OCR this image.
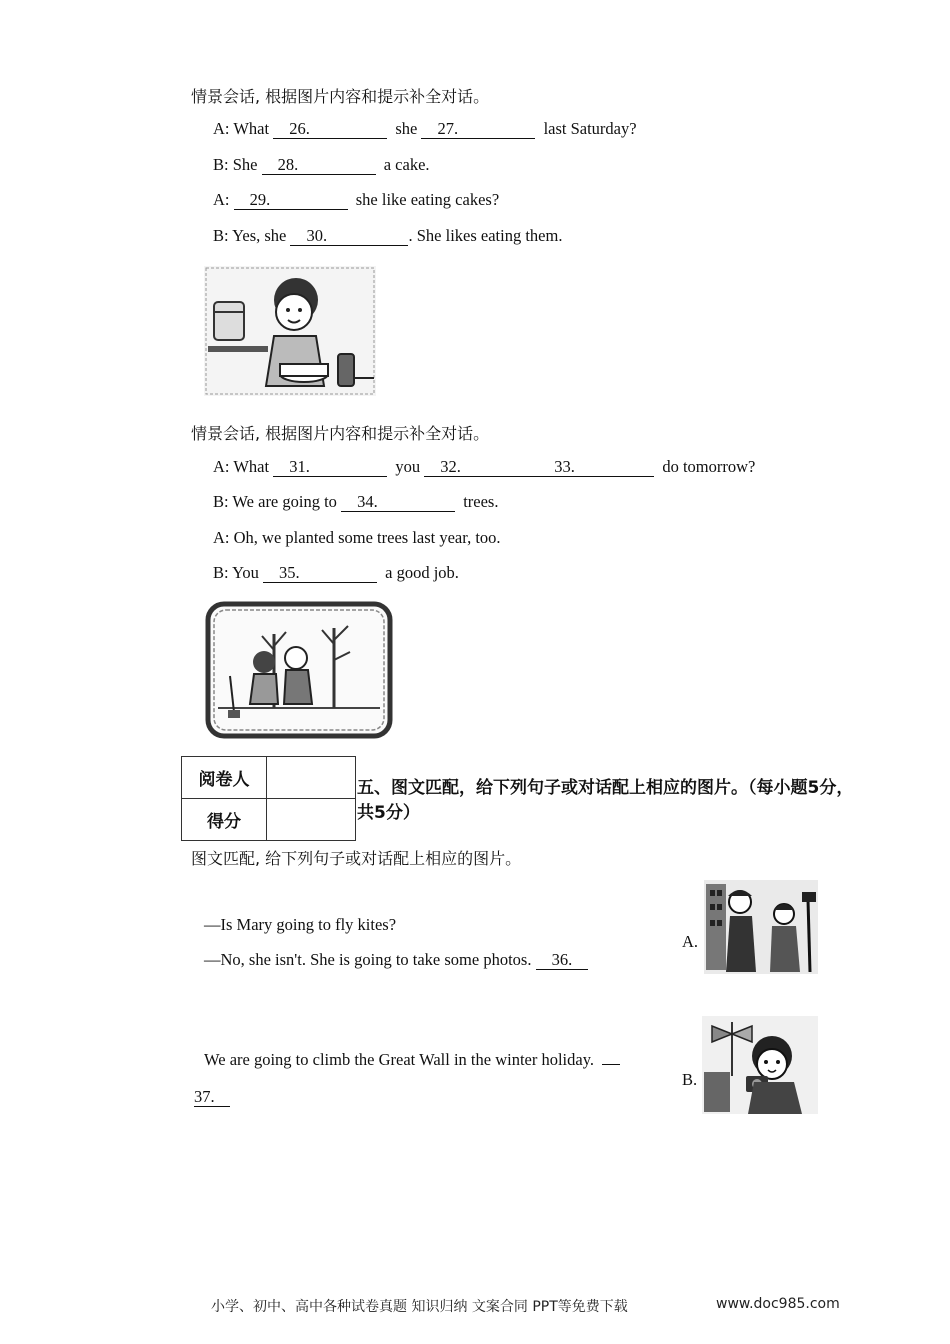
情景会话, 根据图片内容和提示补全对话。
A: What 26.	she 27.	last Saturday?
B: She 28.	a cake.
A: 29.	she like eating cakes?
B: Yes, she 30.	. She likes eating them.
情景会话, 根据图片内容和提示补全对话。
A: What 31.	you 32.	33.	do tomorrow?
B: We are going to 34.	trees.
A: Oh, we planted some trees last year, too.
B: You 35.	a good job.
阅卷人	
得分	
五、图文匹配，给下列句子或对话配上相应的图片。（每小题5分，共5分）
图文匹配, 给下列句子或对话配上相应的图片。
—Is Mary going to fly kites?
—No, she isn't. She is going to take some photos. 36.
We are going to climb the Great Wall in the winter holiday.
37.
A.
B.
小学、初中、高中各种试卷真题 知识归纳 文案合同 PPT等免费下载	www.doc985.com
